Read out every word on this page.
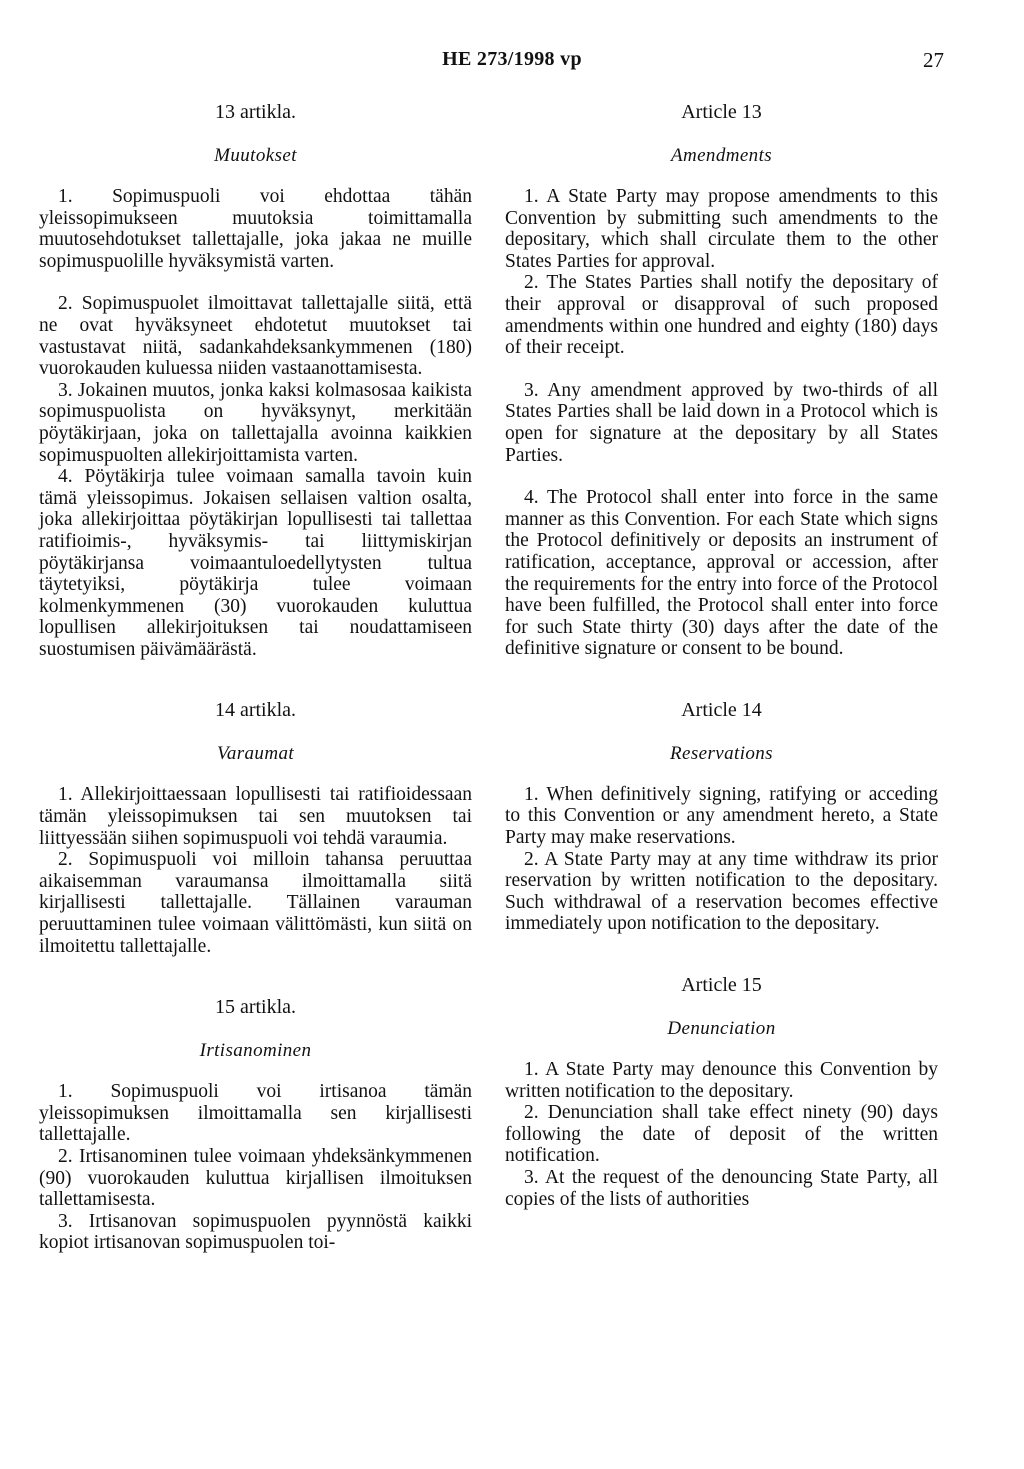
HE 273/1998 vp	27

13 artikla.

Muutokset

1. Sopimuspuoli voi ehdottaa tähän yleissopimukseen muutoksia toimittamalla muutosehdotukset tallettajalle, joka jakaa ne muille sopimuspuolille hyväksymistä varten.

2. Sopimuspuolet ilmoittavat tallettajalle siitä, että ne ovat hyväksyneet ehdotetut muutokset tai vastustavat niitä, sadankahdeksankymmenen (180) vuorokauden kuluessa niiden vastaanottamisesta.

3. Jokainen muutos, jonka kaksi kolmasosaa kaikista sopimuspuolista on hyväksynyt, merkitään pöytäkirjaan, joka on tallettajalla avoinna kaikkien sopimuspuolten allekirjoittamista varten.

4. Pöytäkirja tulee voimaan samalla tavoin kuin tämä yleissopimus. Jokaisen sellaisen valtion osalta, joka allekirjoittaa pöytäkirjan lopullisesti tai tallettaa ratifioimis-, hyväksymis- tai liittymiskirjan pöytäkirjansa voimaantuloedellytysten tultua täytetyiksi, pöytäkirja tulee voimaan kolmenkymmenen (30) vuorokauden kuluttua lopullisen allekirjoituksen tai noudattamiseen suostumisen päivämäärästä.

14 artikla.

Varaumat

1. Allekirjoittaessaan lopullisesti tai ratifioidessaan tämän yleissopimuksen tai sen muutoksen tai liittyessään siihen sopimuspuoli voi tehdä varaumia.

2. Sopimuspuoli voi milloin tahansa peruuttaa aikaisemman varaumansa ilmoittamalla siitä kirjallisesti tallettajalle. Tällainen varauman peruuttaminen tulee voimaan välittömästi, kun siitä on ilmoitettu tallettajalle.

15 artikla.

Irtisanominen

1. Sopimuspuoli voi irtisanoa tämän yleissopimuksen ilmoittamalla sen kirjallisesti tallettajalle.

2. Irtisanominen tulee voimaan yhdeksänkymmenen (90) vuorokauden kuluttua kirjallisen ilmoituksen tallettamisesta.

3. Irtisanovan sopimuspuolen pyynnöstä kaikki kopiot irtisanovan sopimuspuolen toi-

Article 13

Amendments

1. A State Party may propose amendments to this Convention by submitting such amendments to the depositary, which shall circulate them to the other States Parties for approval.

2. The States Parties shall notify the depositary of their approval or disapproval of such proposed amendments within one hundred and eighty (180) days of their receipt.

3. Any amendment approved by two-thirds of all States Parties shall be laid down in a Protocol which is open for signature at the depositary by all States Parties.

4. The Protocol shall enter into force in the same manner as this Convention. For each State which signs the Protocol definitively or deposits an instrument of ratification, acceptance, approval or accession, after the requirements for the entry into force of the Protocol have been fulfilled, the Protocol shall enter into force for such State thirty (30) days after the date of the definitive signature or consent to be bound.

Article 14

Reservations

1. When definitively signing, ratifying or acceding to this Convention or any amendment hereto, a State Party may make reservations.

2. A State Party may at any time withdraw its prior reservation by written notification to the depositary. Such withdrawal of a reservation becomes effective immediately upon notification to the depositary.

Article 15

Denunciation

1. A State Party may denounce this Convention by written notification to the depositary.

2. Denunciation shall take effect ninety (90) days following the date of deposit of the written notification.

3. At the request of the denouncing State Party, all copies of the lists of authorities
